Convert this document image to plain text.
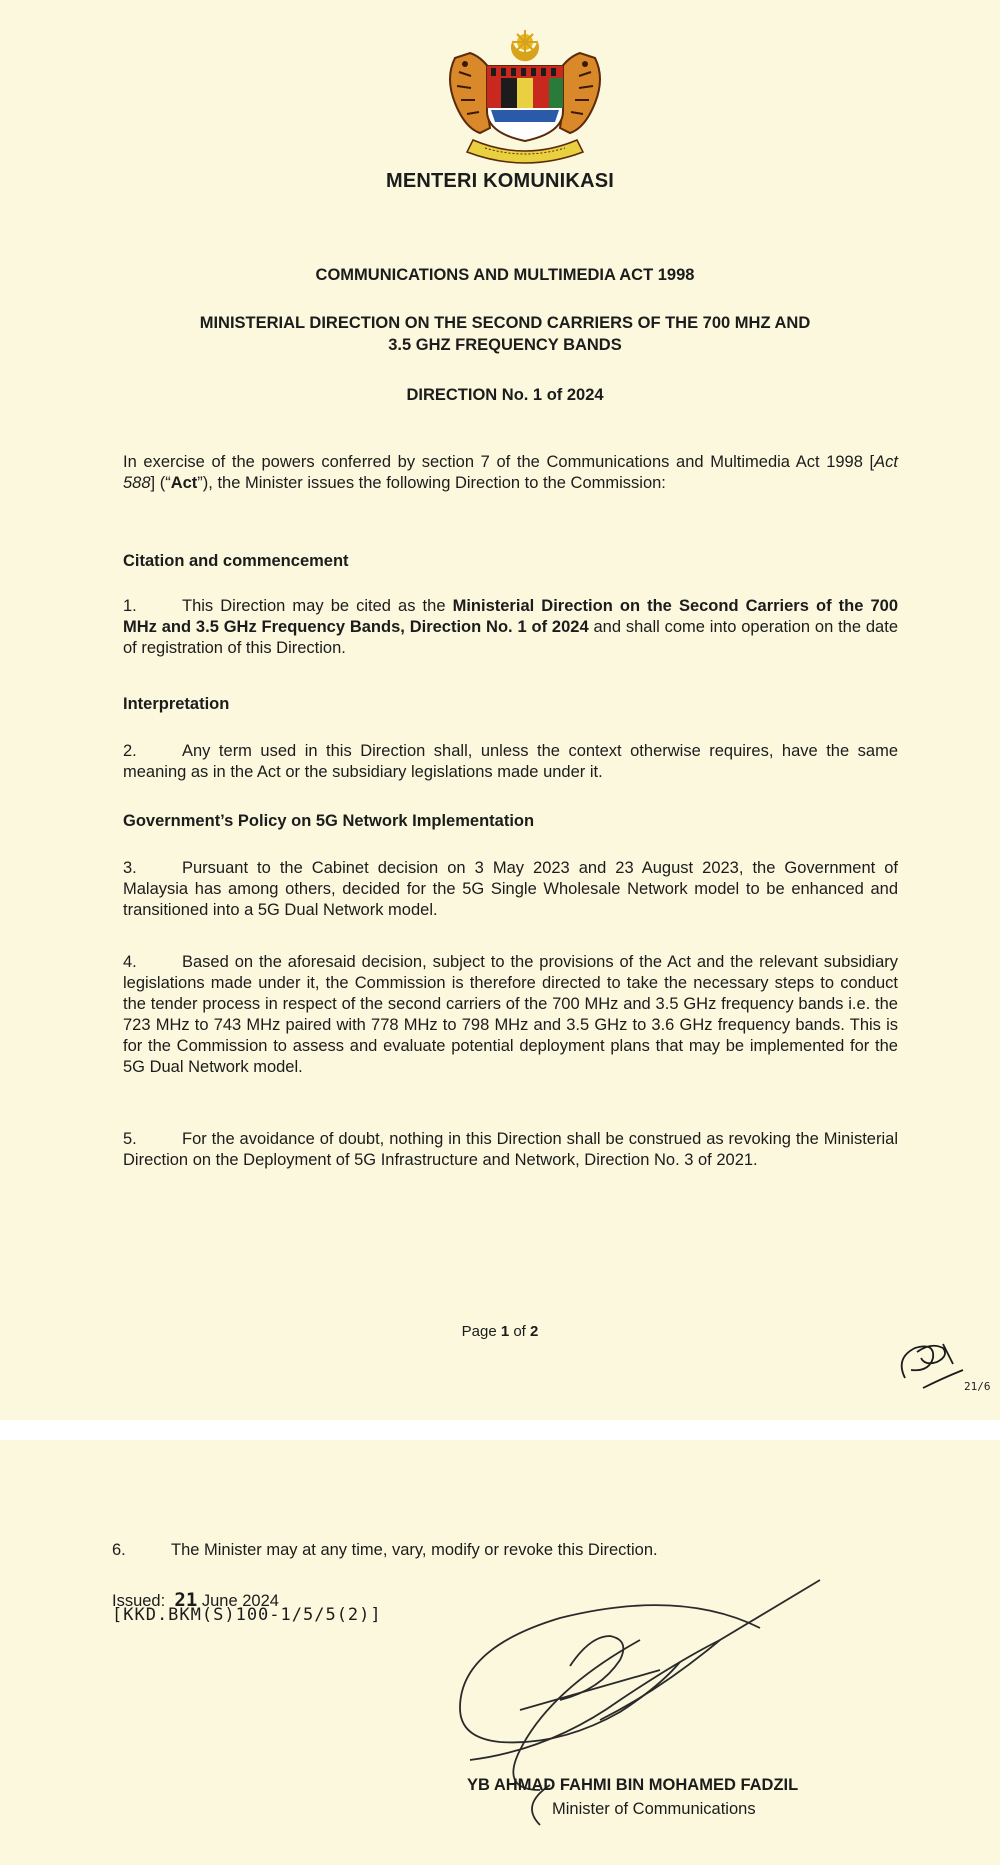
MENTERI KOMUNIKASI
COMMUNICATIONS AND MULTIMEDIA ACT 1998
MINISTERIAL DIRECTION ON THE SECOND CARRIERS OF THE 700 MHZ AND
3.5 GHZ FREQUENCY BANDS
DIRECTION No. 1 of 2024
In exercise of the powers conferred by section 7 of the Communications and Multimedia Act 1998 [Act 588] (“Act”), the Minister issues the following Direction to the Commission:
Citation and commencement
1.	This Direction may be cited as the Ministerial Direction on the Second Carriers of the 700 MHz and 3.5 GHz Frequency Bands, Direction No. 1 of 2024 and shall come into operation on the date of registration of this Direction.
Interpretation
2.	Any term used in this Direction shall, unless the context otherwise requires, have the same meaning as in the Act or the subsidiary legislations made under it.
Government’s Policy on 5G Network Implementation
3.	Pursuant to the Cabinet decision on 3 May 2023 and 23 August 2023, the Government of Malaysia has among others, decided for the 5G Single Wholesale Network model to be enhanced and transitioned into a 5G Dual Network model.
4.	Based on the aforesaid decision, subject to the provisions of the Act and the relevant subsidiary legislations made under it, the Commission is therefore directed to take the necessary steps to conduct the tender process in respect of the second carriers of the 700 MHz and 3.5 GHz frequency bands i.e. the 723 MHz to 743 MHz paired with 778 MHz to 798 MHz and 3.5 GHz to 3.6 GHz frequency bands. This is for the Commission to assess and evaluate potential deployment plans that may be implemented for the 5G Dual Network model.
5.	For the avoidance of doubt, nothing in this Direction shall be construed as revoking the Ministerial Direction on the Deployment of 5G Infrastructure and Network, Direction No. 3 of 2021.
Page 1 of 2
21/6
6.	The Minister may at any time, vary, modify or revoke this Direction.
Issued: 21 June 2024
[KKD.BKM(S)100-1/5/5(2)]
YB AHMAD FAHMI BIN MOHAMED FADZIL
Minister of Communications
